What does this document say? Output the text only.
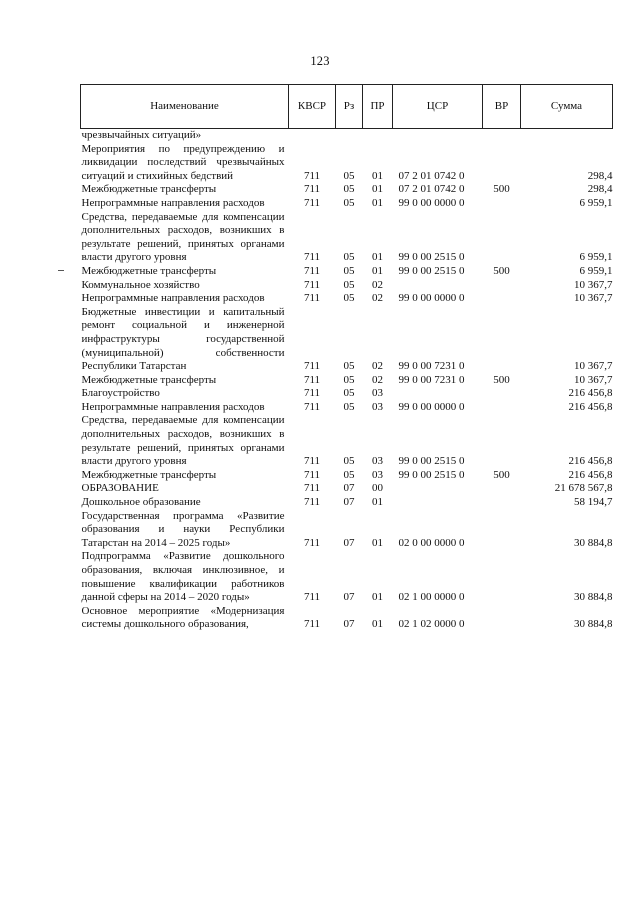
123
Наименование	КВСР	Рз	ПР	ЦСР	ВР	Сумма
чрезвычайных ситуаций»						
Мероприятия по предупреждению и ликвидации последствий чрезвычайных ситуаций и стихийных бедствий	711	05	01	07 2 01 0742 0		298,4
Межбюджетные трансферты	711	05	01	07 2 01 0742 0	500	298,4
Непрограммные направления расходов	711	05	01	99 0 00 0000 0		6 959,1
Средства, передаваемые для компенсации дополнительных расходов, возникших в результате решений, принятых органами власти другого уровня	711	05	01	99 0 00 2515 0		6 959,1
Межбюджетные трансферты	711	05	01	99 0 00 2515 0	500	6 959,1
Коммунальное хозяйство	711	05	02			10 367,7
Непрограммные направления расходов	711	05	02	99 0 00 0000 0		10 367,7
Бюджетные инвестиции и капитальный ремонт социальной и инженерной инфраструктуры государственной (муниципальной) собственности Республики Татарстан	711	05	02	99 0 00 7231 0		10 367,7
Межбюджетные трансферты	711	05	02	99 0 00 7231 0	500	10 367,7
Благоустройство	711	05	03			216 456,8
Непрограммные направления расходов	711	05	03	99 0 00 0000 0		216 456,8
Средства, передаваемые для компенсации дополнительных расходов, возникших в результате решений, принятых органами власти другого уровня	711	05	03	99 0 00 2515 0		216 456,8
Межбюджетные трансферты	711	05	03	99 0 00 2515 0	500	216 456,8
ОБРАЗОВАНИЕ	711	07	00			21 678 567,8
Дошкольное образование	711	07	01			58 194,7
Государственная программа «Развитие образования и науки Республики Татарстан на 2014 – 2025 годы»	711	07	01	02 0 00 0000 0		30 884,8
Подпрограмма «Развитие дошкольного образования, включая инклюзивное, и повышение квалификации работников данной сферы на 2014 – 2020 годы»	711	07	01	02 1 00 0000 0		30 884,8
Основное мероприятие «Модернизация системы дошкольного образования,	711	07	01	02 1 02 0000 0		30 884,8
